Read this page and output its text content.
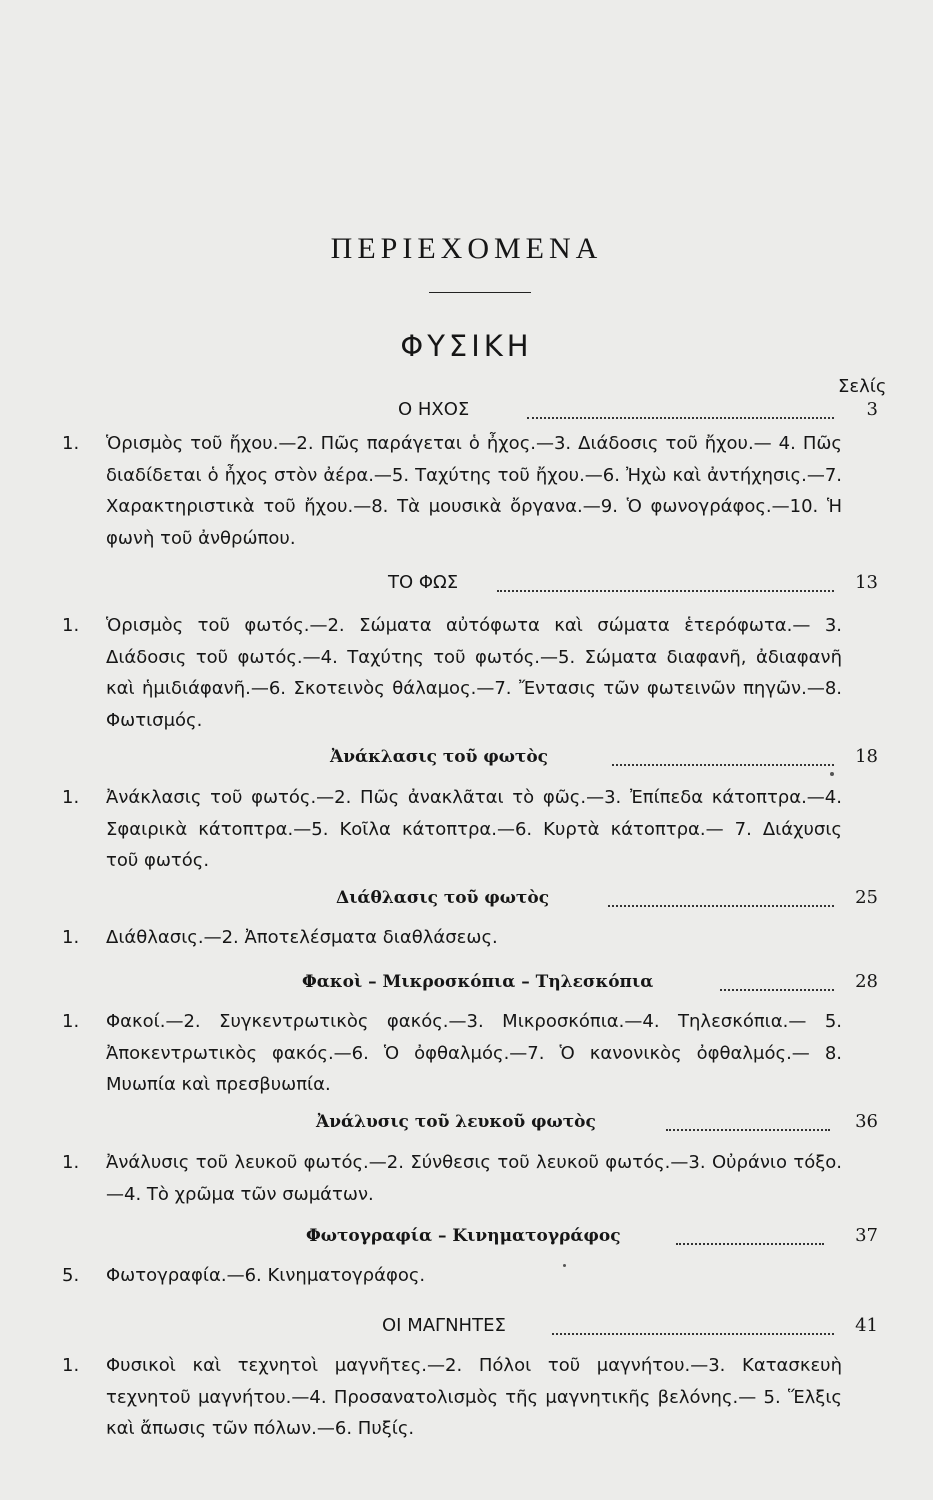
ΠΕΡΙΕΧΟΜΕΝΑ
ΦΥΣΙΚΗ
Σελίς
Ο ΗΧΟΣ	3
1. Ὁρισμὸς τοῦ ἤχου.—2. Πῶς παράγεται ὁ ἦχος.—3. Διάδοσις τοῦ ἤχου.— 4. Πῶς διαδίδεται ὁ ἦχος στὸν ἀέρα.—5. Ταχύτης τοῦ ἤχου.—6. Ἠχὼ καὶ ἀντήχησις.—7. Χαρακτηριστικὰ τοῦ ἤχου.—8. Τὰ μουσικὰ ὄργανα.—9. Ὁ φωνογράφος.—10. Ἡ φωνὴ τοῦ ἀνθρώπου.
ΤΟ ΦΩΣ	13
1. Ὁρισμὸς τοῦ φωτός.—2. Σώματα αὐτόφωτα καὶ σώματα ἑτερόφωτα.— 3. Διάδοσις τοῦ φωτός.—4. Ταχύτης τοῦ φωτός.—5. Σώματα διαφανῆ, ἀδιαφανῆ καὶ ἡμιδιάφανῆ.—6. Σκοτεινὸς θάλαμος.—7. Ἔντασις τῶν φωτεινῶν πηγῶν.—8. Φωτισμός.
Ἀνάκλασις τοῦ φωτὸς	18
1. Ἀνάκλασις τοῦ φωτός.—2. Πῶς ἀνακλᾶται τὸ φῶς.—3. Ἐπίπεδα κάτοπτρα.—4. Σφαιρικὰ κάτοπτρα.—5. Κοῖλα κάτοπτρα.—6. Κυρτὰ κάτοπτρα.— 7. Διάχυσις τοῦ φωτός.
Διάθλασις τοῦ φωτὸς	25
1. Διάθλασις.—2. Ἀποτελέσματα διαθλάσεως.
Φακοὶ – Μικροσκόπια – Τηλεσκόπια	28
1. Φακοί.—2. Συγκεντρωτικὸς φακός.—3. Μικροσκόπια.—4. Τηλεσκόπια.— 5. Ἀποκεντρωτικὸς φακός.—6. Ὁ ὀφθαλμός.—7. Ὁ κανονικὸς ὀφθαλμός.— 8. Μυωπία καὶ πρεσβυωπία.
Ἀνάλυσις τοῦ λευκοῦ φωτὸς	36
1. Ἀνάλυσις τοῦ λευκοῦ φωτός.—2. Σύνθεσις τοῦ λευκοῦ φωτός.—3. Οὐράνιο τόξο.—4. Τὸ χρῶμα τῶν σωμάτων.
Φωτογραφία – Κινηματογράφος	37
5. Φωτογραφία.—6. Κινηματογράφος.
ΟΙ ΜΑΓΝΗΤΕΣ	41
1. Φυσικοὶ καὶ τεχνητοὶ μαγνῆτες.—2. Πόλοι τοῦ μαγνήτου.—3. Κατασκευὴ τεχνητοῦ μαγνήτου.—4. Προσανατολισμὸς τῆς μαγνητικῆς βελόνης.— 5. Ἕλξις καὶ ἄπωσις τῶν πόλων.—6. Πυξίς.
